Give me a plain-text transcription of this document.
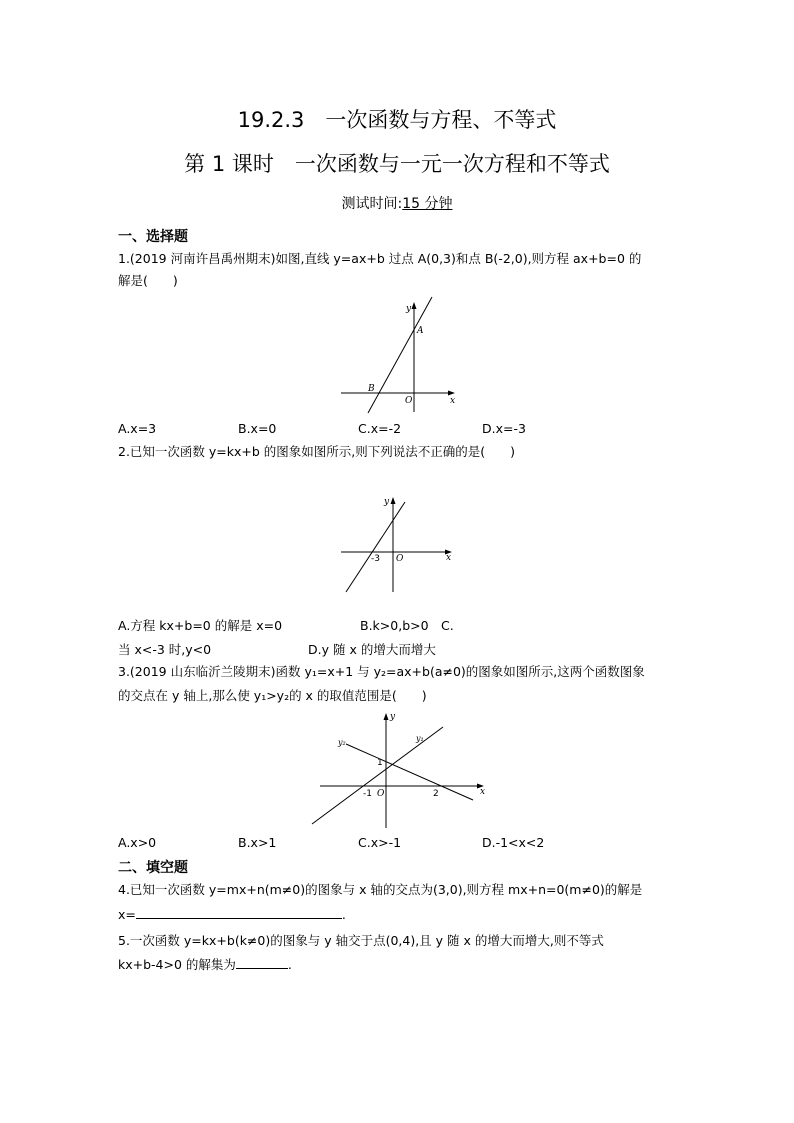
19.2.3　一次函数与方程、不等式
第 1 课时　一次函数与一元一次方程和不等式
测试时间:15 分钟
一、选择题
1.(2019 河南许昌禹州期末)如图,直线 y=ax+b 过点 A(0,3)和点 B(-2,0),则方程 ax+b=0 的
解是(　　)
x
y
O
A
B
A.x=3	B.x=0	C.x=-2	D.x=-3
2.已知一次函数 y=kx+b 的图象如图所示,则下列说法不正确的是(　　)
x
y
O
-3
A.方程 kx+b=0 的解是 x=0	B.k>0,b>0　C.
当 x<-3 时,y<0	D.y 随 x 的增大而增大
3.(2019 山东临沂兰陵期末)函数 y₁=x+1 与 y₂=ax+b(a≠0)的图象如图所示,这两个函数图象
的交点在 y 轴上,那么使 y₁>y₂的 x 的取值范围是(　　)
x
y
O
-1	2
1
y₁
y₂
A.x>0	B.x>1	C.x>-1	D.-1<x<2
二、填空题
4.已知一次函数 y=mx+n(m≠0)的图象与 x 轴的交点为(3,0),则方程 mx+n=0(m≠0)的解是
x=	.
5.一次函数 y=kx+b(k≠0)的图象与 y 轴交于点(0,4),且 y 随 x 的增大而增大,则不等式
kx+b-4>0 的解集为	.
